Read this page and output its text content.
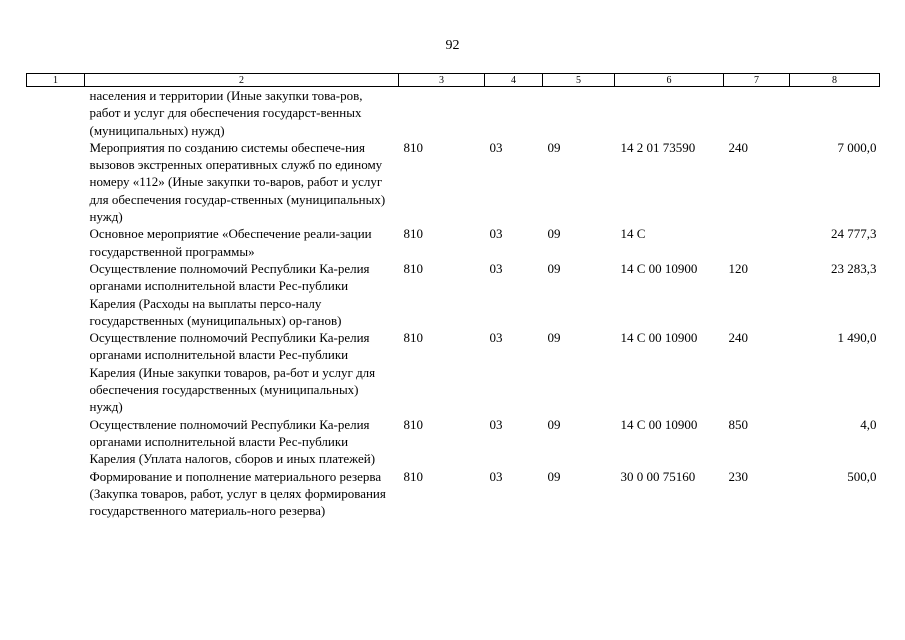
92
1	2	3	4	5	6	7	8
	населения и территории (Иные закупки това-ров, работ и услуг для обеспечения государст-венных (муниципальных) нужд)						
	Мероприятия по созданию системы обеспече-ния вызовов экстренных оперативных служб по единому номеру «112» (Иные закупки то-варов, работ и услуг для обеспечения государ-ственных (муниципальных) нужд)	810	03	09	14 2 01 73590	240	7 000,0
	Основное мероприятие «Обеспечение реали-зации государственной программы»	810	03	09	14 С		24 777,3
	Осуществление полномочий Республики Ка-релия органами исполнительной власти Рес-публики Карелия (Расходы на выплаты персо-налу государственных (муниципальных) ор-ганов)	810	03	09	14 С 00 10900	120	23 283,3
	Осуществление полномочий Республики Ка-релия органами исполнительной власти Рес-публики Карелия (Иные закупки товаров, ра-бот и услуг для обеспечения государственных (муниципальных) нужд)	810	03	09	14 С 00 10900	240	1 490,0
	Осуществление полномочий Республики Ка-релия органами исполнительной власти Рес-публики Карелия (Уплата налогов, сборов и иных платежей)	810	03	09	14 С 00 10900	850	4,0
	Формирование и пополнение материального резерва (Закупка товаров, работ, услуг в целях формирования государственного материаль-ного резерва)	810	03	09	30 0 00 75160	230	500,0
